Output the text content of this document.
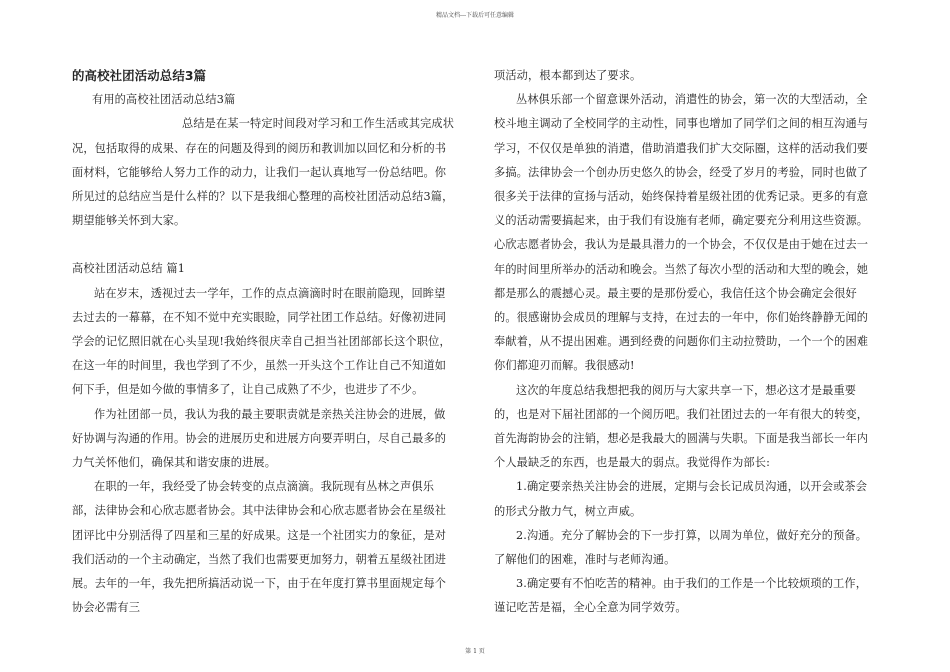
精品文档---下载后可任意编辑

的高校社团活动总结3篇

有用的高校社团活动总结3篇

总结是在某一特定时间段对学习和工作生活或其完成状况，包括取得的成果、存在的问题及得到的阅历和教训加以回忆和分析的书面材料，它能够给人努力工作的动力，让我们一起认真地写一份总结吧。你所见过的总结应当是什么样的？以下是我细心整理的高校社团活动总结3篇，期望能够关怀到大家。

高校社团活动总结 篇1

站在岁末，透视过去一学年，工作的点点滴滴时时在眼前隐现，回眸望去过去的一幕幕，在不知不觉中充实眼睑，同学社团工作总结。好像初进同学会的记忆照旧就在心头呈现!我始终很庆幸自己担当社团部部长这个职位，在这一年的时间里，我也学到了不少，虽然一开头这个工作让自己不知道如何下手，但是如今做的事情多了，让自己成熟了不少，也进步了不少。

作为社团部一员，我认为我的最主要职责就是亲热关注协会的进展，做好协调与沟通的作用。协会的进展历史和进展方向要弄明白，尽自己最多的力气关怀他们，确保其和谐安康的进展。

在职的一年，我经受了协会转变的点点滴滴。我阮现有丛林之声俱乐部，法律协会和心欣志愿者协会。其中法律协会和心欣志愿者协会在星级社团评比中分别活得了四星和三星的好成果。这是一个社团实力的象征，是对我们活动的一个主动确定，当然了我们也需要更加努力，朝着五星级社团进展。去年的一年，我先把所搞活动说一下，由于在年度打算书里面规定每个协会必需有三

项活动，根本都到达了要求。

丛林俱乐部一个留意课外活动，消遣性的协会，第一次的大型活动，全校斗地主调动了全校同学的主动性，同事也增加了同学们之间的相互沟通与学习，不仅仅是单独的消遣，借助消遣我们扩大交际圈，这样的活动我们要多搞。法律协会一个创办历史悠久的协会，经受了岁月的考验，同时也做了很多关于法律的宣扬与活动，始终保持着星级社团的优秀记录。更多的有意义的活动需要搞起来，由于我们有设施有老师，确定要充分利用这些资源。心欣志愿者协会，我认为是最具潜力的一个协会，不仅仅是由于她在过去一年的时间里所举办的活动和晚会。当然了每次小型的活动和大型的晚会，她都是那么的震撼心灵。最主要的是那份爱心，我信任这个协会确定会很好的。很感谢协会成员的理解与支持，在过去的一年中，你们始终静静无闻的奉献着，从不提出困难。遇到经费的问题你们主动拉赞助，一个一个的困难你们都迎刃而解。我很感动!

这次的年度总结我想把我的阅历与大家共享一下，想必这才是最重要的，也是对下届社团部的一个阅历吧。我们社团过去的一年有很大的转变，首先海韵协会的注销，想必是我最大的圆满与失职。下面是我当部长一年内个人最缺乏的东西，也是最大的弱点。我觉得作为部长:

1.确定要亲热关注协会的进展，定期与会长记成员沟通，以开会或茶会的形式分散力气，树立声威。

2.沟通。充分了解协会的下一步打算，以周为单位，做好充分的预备。了解他们的困难，准时与老师沟通。

3.确定要有不怕吃苦的精神。由于我们的工作是一个比较烦琐的工作，谨记吃苦是福，全心全意为同学效劳。

第 1 页
